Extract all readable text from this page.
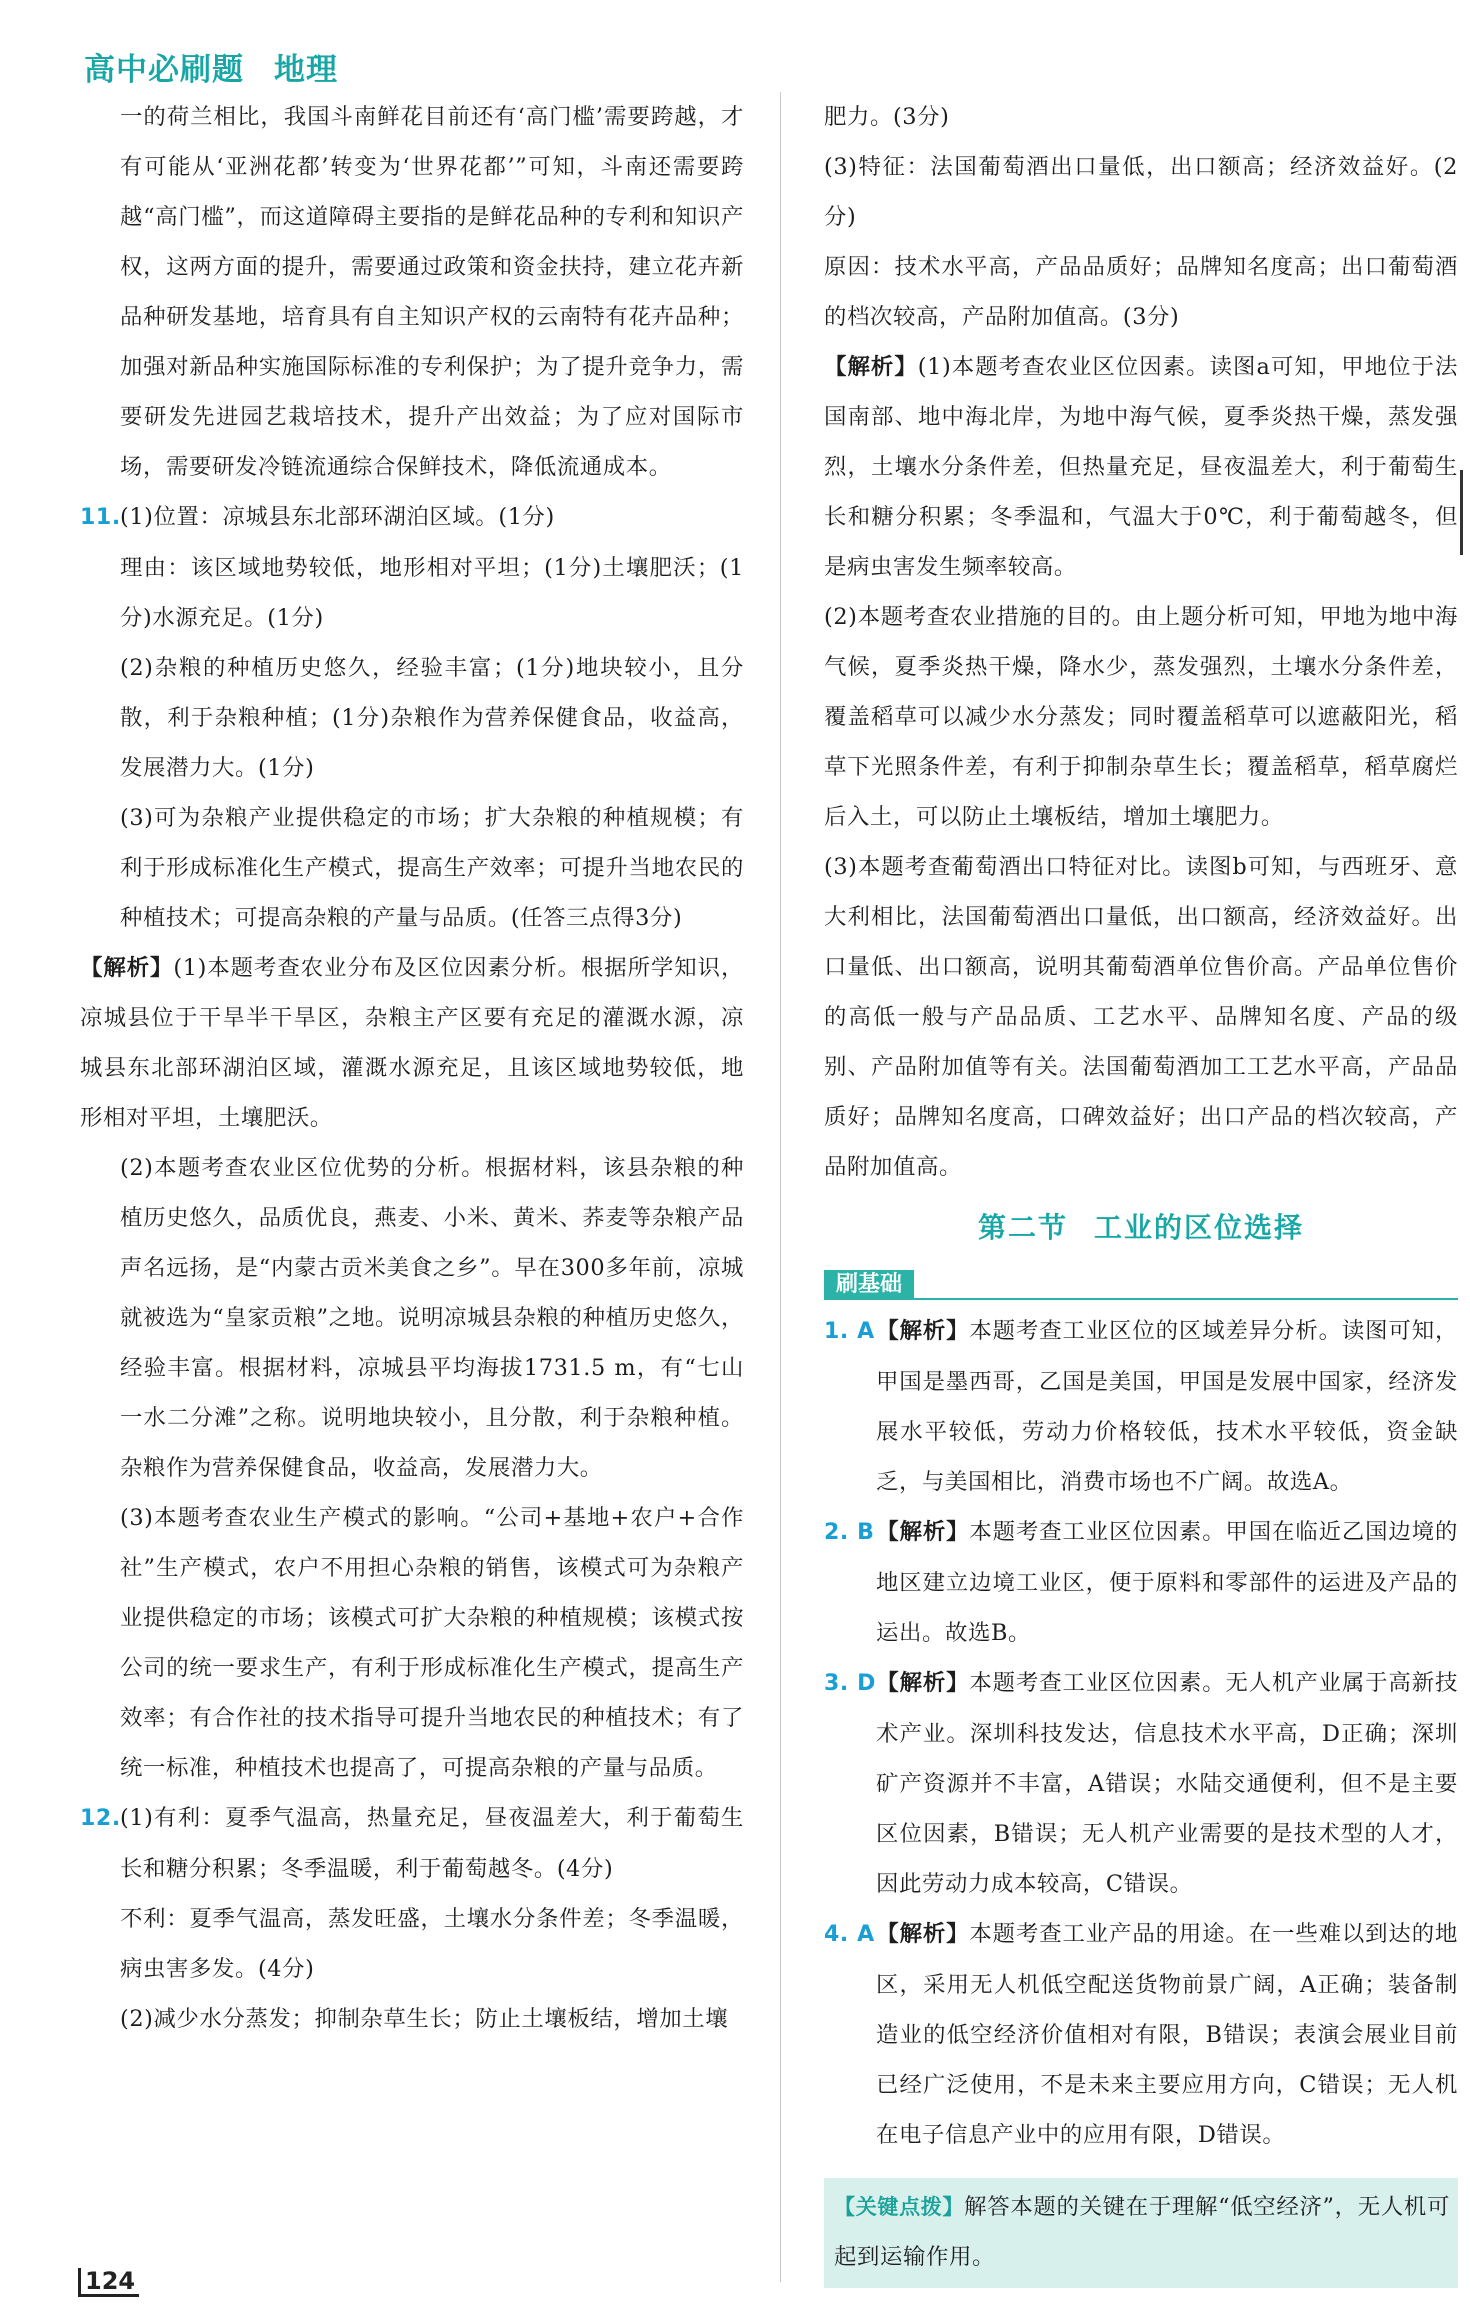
高中必刷题 地理

一的荷兰相比，我国斗南鲜花目前还有‘高门槛’需要跨越，才有可能从‘亚洲花都’转变为‘世界花都’”可知，斗南还需要跨越“高门槛”，而这道障碍主要指的是鲜花品种的专利和知识产权，这两方面的提升，需要通过政策和资金扶持，建立花卉新品种研发基地，培育具有自主知识产权的云南特有花卉品种；加强对新品种实施国际标准的专利保护；为了提升竞争力，需要研发先进园艺栽培技术，提升产出效益；为了应对国际市场，需要研发冷链流通综合保鲜技术，降低流通成本。

11.(1)位置：凉城县东北部环湖泊区域。(1分)

理由：该区域地势较低，地形相对平坦；(1分)土壤肥沃；(1分)水源充足。(1分)

(2)杂粮的种植历史悠久，经验丰富；(1分)地块较小，且分散，利于杂粮种植；(1分)杂粮作为营养保健食品，收益高，发展潜力大。(1分)

(3)可为杂粮产业提供稳定的市场；扩大杂粮的种植规模；有利于形成标准化生产模式，提高生产效率；可提升当地农民的种植技术；可提高杂粮的产量与品质。(任答三点得3分)

【解析】(1)本题考查农业分布及区位因素分析。根据所学知识，凉城县位于干旱半干旱区，杂粮主产区要有充足的灌溉水源，凉城县东北部环湖泊区域，灌溉水源充足，且该区域地势较低，地形相对平坦，土壤肥沃。

(2)本题考查农业区位优势的分析。根据材料，该县杂粮的种植历史悠久，品质优良，燕麦、小米、黄米、荞麦等杂粮产品声名远扬，是“内蒙古贡米美食之乡”。早在300多年前，凉城就被选为“皇家贡粮”之地。说明凉城县杂粮的种植历史悠久，经验丰富。根据材料，凉城县平均海拔1731.5 m，有“七山一水二分滩”之称。说明地块较小，且分散，利于杂粮种植。杂粮作为营养保健食品，收益高，发展潜力大。

(3)本题考查农业生产模式的影响。“公司+基地+农户+合作社”生产模式，农户不用担心杂粮的销售，该模式可为杂粮产业提供稳定的市场；该模式可扩大杂粮的种植规模；该模式按公司的统一要求生产，有利于形成标准化生产模式，提高生产效率；有合作社的技术指导可提升当地农民的种植技术；有了统一标准，种植技术也提高了，可提高杂粮的产量与品质。

12.(1)有利：夏季气温高，热量充足，昼夜温差大，利于葡萄生长和糖分积累；冬季温暖，利于葡萄越冬。(4分)

不利：夏季气温高，蒸发旺盛，土壤水分条件差；冬季温暖，病虫害多发。(4分)

(2)减少水分蒸发；抑制杂草生长；防止土壤板结，增加土壤

肥力。(3分)

(3)特征：法国葡萄酒出口量低，出口额高；经济效益好。(2分)

原因：技术水平高，产品品质好；品牌知名度高；出口葡萄酒的档次较高，产品附加值高。(3分)

【解析】(1)本题考查农业区位因素。读图a可知，甲地位于法国南部、地中海北岸，为地中海气候，夏季炎热干燥，蒸发强烈，土壤水分条件差，但热量充足，昼夜温差大，利于葡萄生长和糖分积累；冬季温和，气温大于0℃，利于葡萄越冬，但是病虫害发生频率较高。

(2)本题考查农业措施的目的。由上题分析可知，甲地为地中海气候，夏季炎热干燥，降水少，蒸发强烈，土壤水分条件差，覆盖稻草可以减少水分蒸发；同时覆盖稻草可以遮蔽阳光，稻草下光照条件差，有利于抑制杂草生长；覆盖稻草，稻草腐烂后入土，可以防止土壤板结，增加土壤肥力。

(3)本题考查葡萄酒出口特征对比。读图b可知，与西班牙、意大利相比，法国葡萄酒出口量低，出口额高，经济效益好。出口量低、出口额高，说明其葡萄酒单位售价高。产品单位售价的高低一般与产品品质、工艺水平、品牌知名度、产品的级别、产品附加值等有关。法国葡萄酒加工工艺水平高，产品品质好；品牌知名度高，口碑效益好；出口产品的档次较高，产品附加值高。

第二节 工业的区位选择
刷基础

1. A【解析】本题考查工业区位的区域差异分析。读图可知，甲国是墨西哥，乙国是美国，甲国是发展中国家，经济发展水平较低，劳动力价格较低，技术水平较低，资金缺乏，与美国相比，消费市场也不广阔。故选A。

2. B【解析】本题考查工业区位因素。甲国在临近乙国边境的地区建立边境工业区，便于原料和零部件的运进及产品的运出。故选B。

3. D【解析】本题考查工业区位因素。无人机产业属于高新技术产业。深圳科技发达，信息技术水平高，D正确；深圳矿产资源并不丰富，A错误；水陆交通便利，但不是主要区位因素，B错误；无人机产业需要的是技术型的人才，因此劳动力成本较高，C错误。

4. A【解析】本题考查工业产品的用途。在一些难以到达的地区，采用无人机低空配送货物前景广阔，A正确；装备制造业的低空经济价值相对有限，B错误；表演会展业目前已经广泛使用，不是未来主要应用方向，C错误；无人机在电子信息产业中的应用有限，D错误。

【关键点拨】解答本题的关键在于理解“低空经济”，无人机可起到运输作用。

124
